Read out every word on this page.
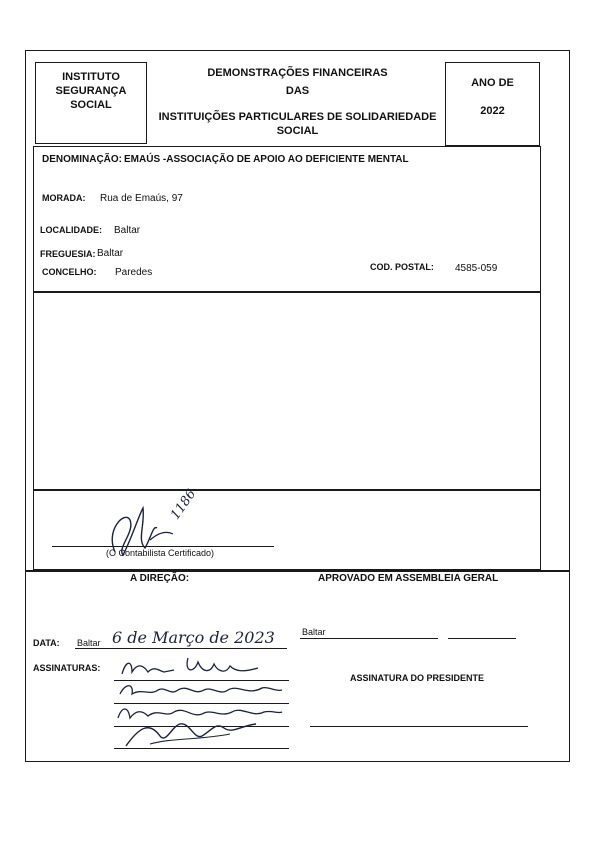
INSTITUTO
SEGURANÇA
SOCIAL
DEMONSTRAÇÕES FINANCEIRAS
DAS
INSTITUIÇÕES PARTICULARES DE SOLIDARIEDADE
SOCIAL
ANO DE
2022
DENOMINAÇÃO: EMAÚS -ASSOCIAÇÃO DE APOIO AO DEFICIENTE MENTAL
MORADA: Rua de Emaús, 97
LOCALIDADE: Baltar
FREGUESIA: Baltar
CONCELHO: Paredes	COD. POSTAL: 4585-059
(O Contabilista Certificado)
1186
A DIREÇÃO:	APROVADO EM ASSEMBLEIA GERAL
DATA: Baltar 6 de Março de 2023	Baltar
ASSINATURAS:
ASSINATURA DO PRESIDENTE
